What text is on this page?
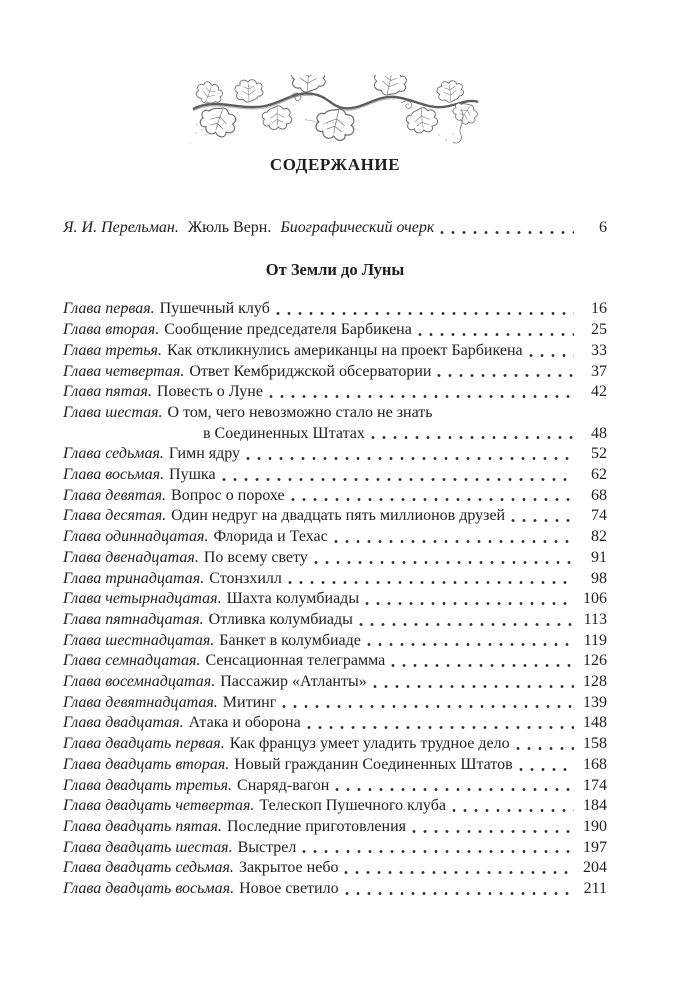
СОДЕРЖАНИЕ
Я. И. Перельман. Жюль Верн. Биографический очерк	6
От Земли до Луны
Глава первая. Пушечный клуб	16
Глава вторая. Сообщение председателя Барбикена	25
Глава третья. Как откликнулись американцы на проект Барбикена	33
Глава четвертая. Ответ Кембриджской обсерватории	37
Глава пятая. Повесть о Луне	42
Глава шестая. О том, чего невозможно стало не знать
в Соединенных Штатах	48
Глава седьмая. Гимн ядру	52
Глава восьмая. Пушка	62
Глава девятая. Вопрос о порохе	68
Глава десятая. Один недруг на двадцать пять миллионов друзей	74
Глава одиннадцатая. Флорида и Техас	82
Глава двенадцатая. По всему свету	91
Глава тринадцатая. Стонзхилл	98
Глава четырнадцатая. Шахта колумбиады	106
Глава пятнадцатая. Отливка колумбиады	113
Глава шестнадцатая. Банкет в колумбиаде	119
Глава семнадцатая. Сенсационная телеграмма	126
Глава восемнадцатая. Пассажир «Атланты»	128
Глава девятнадцатая. Митинг	139
Глава двадцатая. Атака и оборона	148
Глава двадцать первая. Как француз умеет уладить трудное дело	158
Глава двадцать вторая. Новый гражданин Соединенных Штатов	168
Глава двадцать третья. Снаряд-вагон	174
Глава двадцать четвертая. Телескоп Пушечного клуба	184
Глава двадцать пятая. Последние приготовления	190
Глава двадцать шестая. Выстрел	197
Глава двадцать седьмая. Закрытое небо	204
Глава двадцать восьмая. Новое светило	211
